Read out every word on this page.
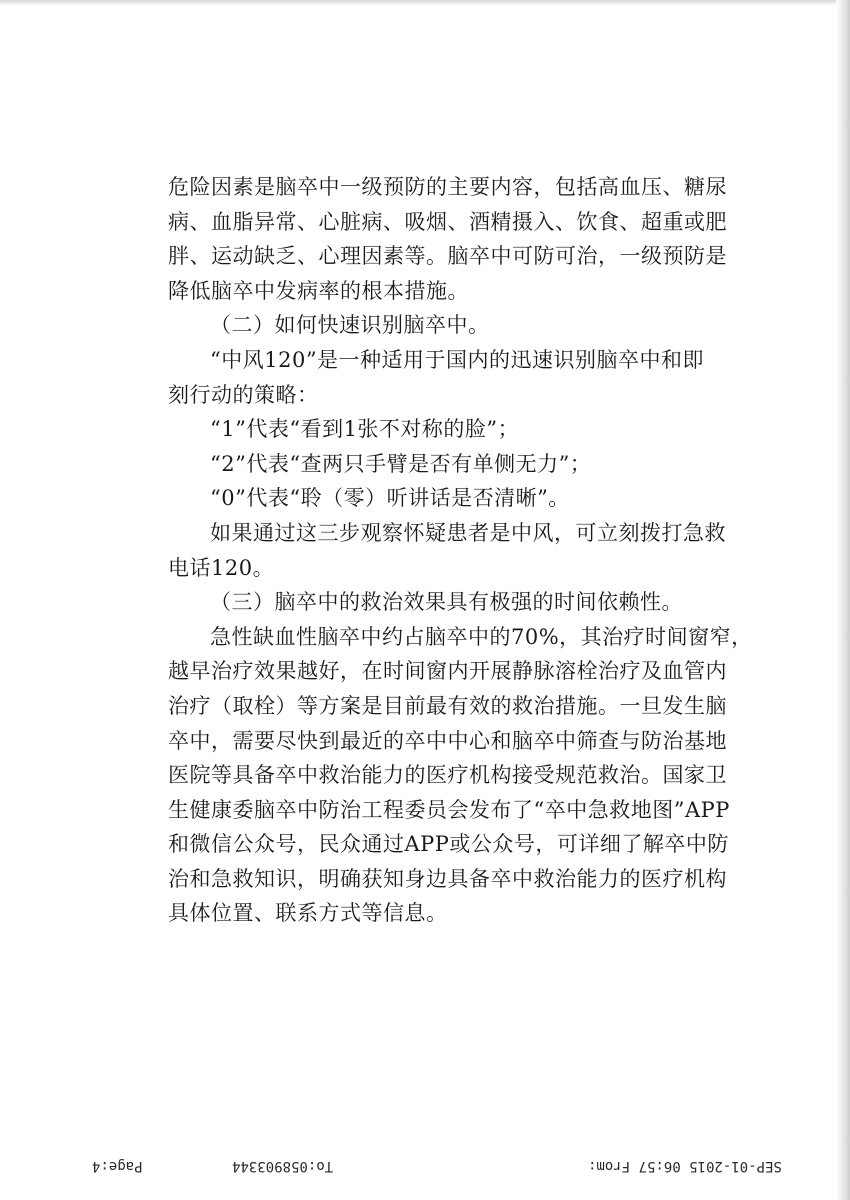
危险因素是脑卒中一级预防的主要内容，包括高血压、糖尿
病、血脂异常、心脏病、吸烟、酒精摄入、饮食、超重或肥
胖、运动缺乏、心理因素等。脑卒中可防可治，一级预防是
降低脑卒中发病率的根本措施。
（二）如何快速识别脑卒中。
“中风120”是一种适用于国内的迅速识别脑卒中和即
刻行动的策略：
“1”代表“看到1张不对称的脸”；
“2”代表“查两只手臂是否有单侧无力”；
“0”代表“聆（零）听讲话是否清晰”。
如果通过这三步观察怀疑患者是中风，可立刻拨打急救
电话120。
（三）脑卒中的救治效果具有极强的时间依赖性。
急性缺血性脑卒中约占脑卒中的70%，其治疗时间窗窄，
越早治疗效果越好，在时间窗内开展静脉溶栓治疗及血管内
治疗（取栓）等方案是目前最有效的救治措施。一旦发生脑
卒中，需要尽快到最近的卒中中心和脑卒中筛查与防治基地
医院等具备卒中救治能力的医疗机构接受规范救治。国家卫
生健康委脑卒中防治工程委员会发布了“卒中急救地图”APP
和微信公众号，民众通过APP或公众号，可详细了解卒中防
治和急救知识，明确获知身边具备卒中救治能力的医疗机构
具体位置、联系方式等信息。
Page:4	To:058903344	SEP-01-2015 06:57 From:
